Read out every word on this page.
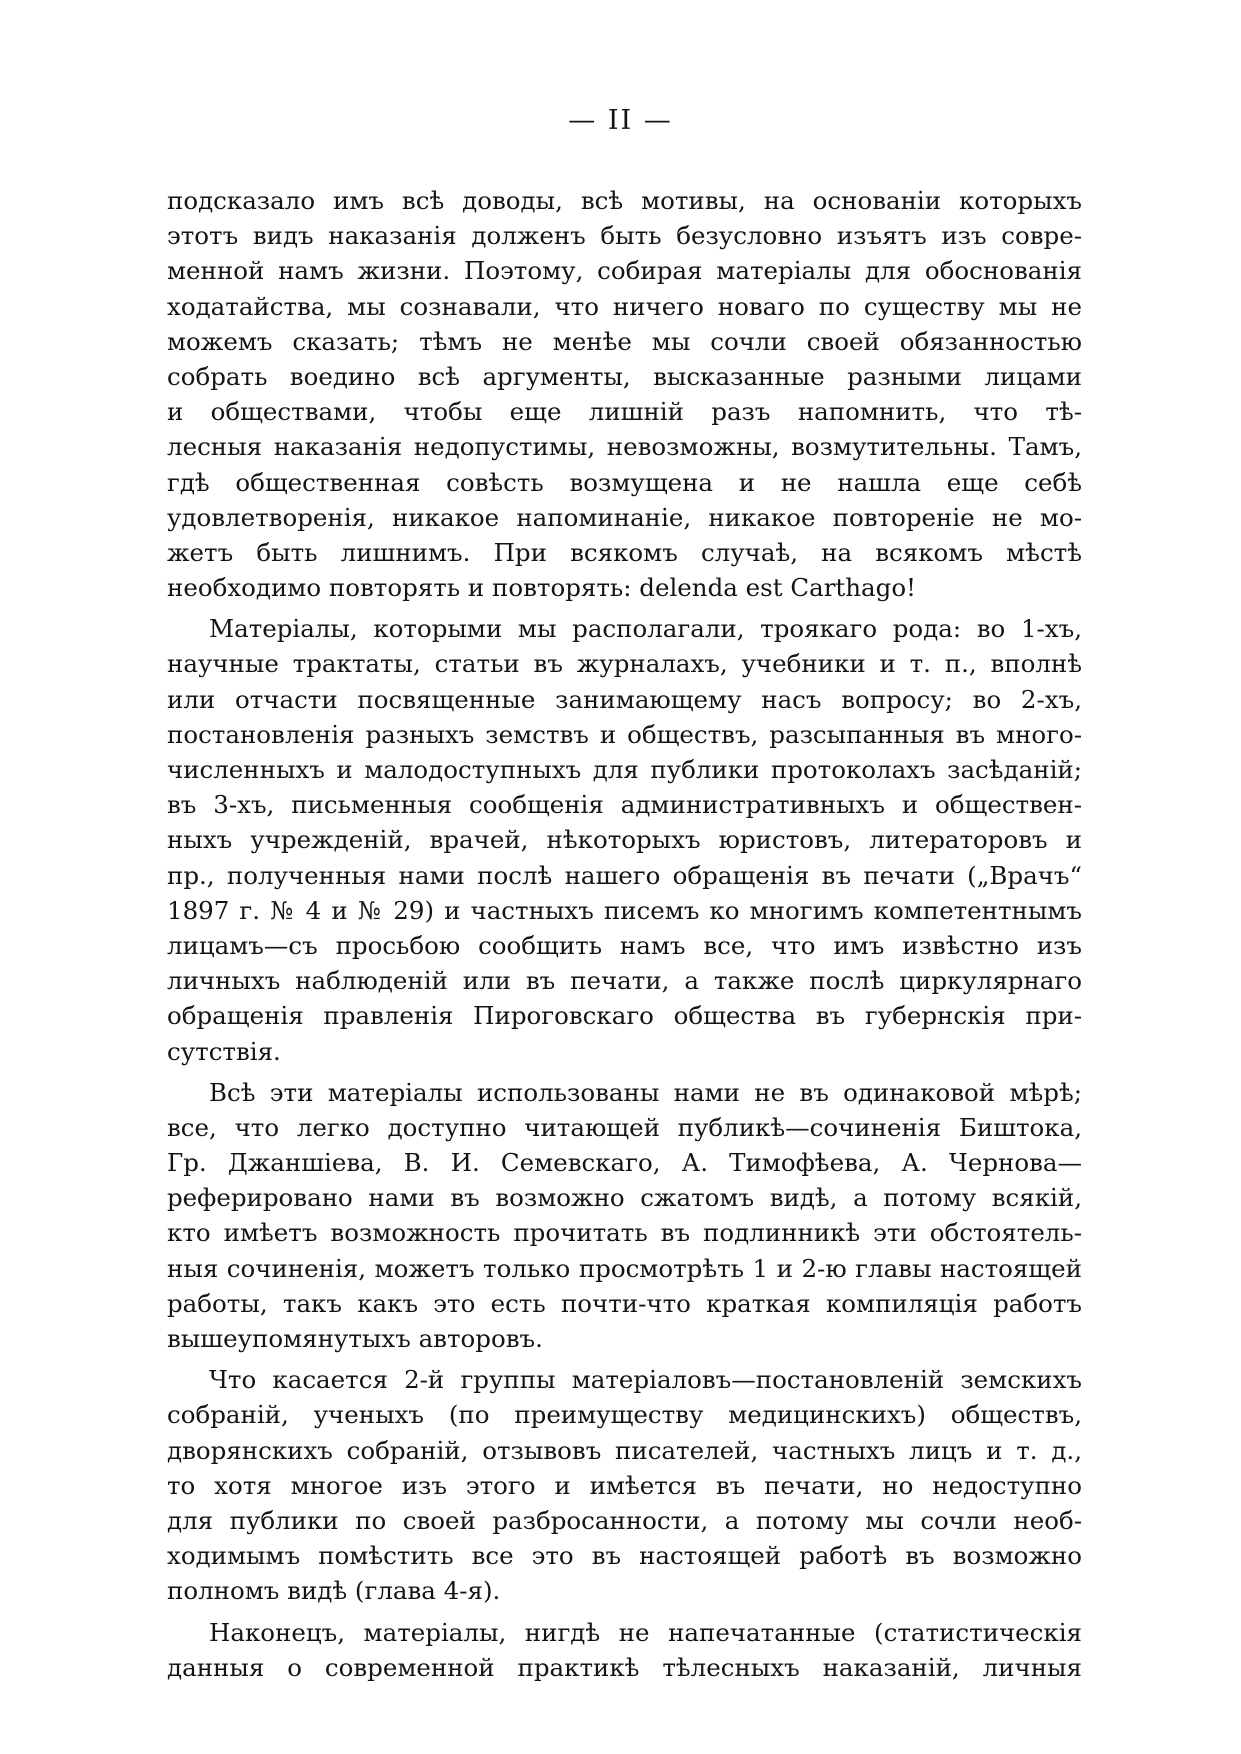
— II —
подсказало имъ всѣ доводы, всѣ мотивы, на основаніи которыхъ
этотъ видъ наказанія долженъ быть безусловно изъятъ изъ совре-
менной намъ жизни. Поэтому, собирая матеріалы для обоснованія
ходатайства, мы сознавали, что ничего новаго по существу мы не
можемъ сказать; тѣмъ не менѣе мы сочли своей обязанностью
собрать воедино всѣ аргументы, высказанные разными лицами
и обществами, чтобы еще лишній разъ напомнить, что тѣ-
лесныя наказанія недопустимы, невозможны, возмутительны. Тамъ,
гдѣ общественная совѣсть возмущена и не нашла еще себѣ
удовлетворенія, никакое напоминаніе, никакое повтореніе не мо-
жетъ быть лишнимъ. При всякомъ случаѣ, на всякомъ мѣстѣ
необходимо повторять и повторять: delenda est Carthago!
Матеріалы, которыми мы располагали, троякаго рода: во 1-хъ,
научные трактаты, статьи въ журналахъ, учебники и т. п., вполнѣ
или отчасти посвященные занимающему насъ вопросу; во 2-хъ,
постановленія разныхъ земствъ и обществъ, разсыпанныя въ много-
численныхъ и малодоступныхъ для публики протоколахъ засѣданій;
въ 3-хъ, письменныя сообщенія административныхъ и обществен-
ныхъ учрежденій, врачей, нѣкоторыхъ юристовъ, литераторовъ и
пр., полученныя нами послѣ нашего обращенія въ печати („Врачъ“
1897 г. № 4 и № 29) и частныхъ писемъ ко многимъ компетентнымъ
лицамъ—съ просьбою сообщить намъ все, что имъ извѣстно изъ
личныхъ наблюденій или въ печати, а также послѣ циркулярнаго
обращенія правленія Пироговскаго общества въ губернскія при-
сутствія.
Всѣ эти матеріалы использованы нами не въ одинаковой мѣрѣ;
все, что легко доступно читающей публикѣ—сочиненія Биштока,
Гр. Джаншіева, В. И. Семевскаго, А. Тимофѣева, А. Чернова—
реферировано нами въ возможно сжатомъ видѣ, а потому всякій,
кто имѣетъ возможность прочитать въ подлинникѣ эти обстоятель-
ныя сочиненія, можетъ только просмотрѣть 1 и 2-ю главы настоящей
работы, такъ какъ это есть почти-что краткая компиляція работъ
вышеупомянутыхъ авторовъ.
Что касается 2-й группы матеріаловъ—постановленій земскихъ
собраній, ученыхъ (по преимуществу медицинскихъ) обществъ,
дворянскихъ собраній, отзывовъ писателей, частныхъ лицъ и т. д.,
то хотя многое изъ этого и имѣется въ печати, но недоступно
для публики по своей разбросанности, а потому мы сочли необ-
ходимымъ помѣстить все это въ настоящей работѣ въ возможно
полномъ видѣ (глава 4-я).
Наконецъ, матеріалы, нигдѣ не напечатанные (статистическія
данныя о современной практикѣ тѣлесныхъ наказаній, личныя
